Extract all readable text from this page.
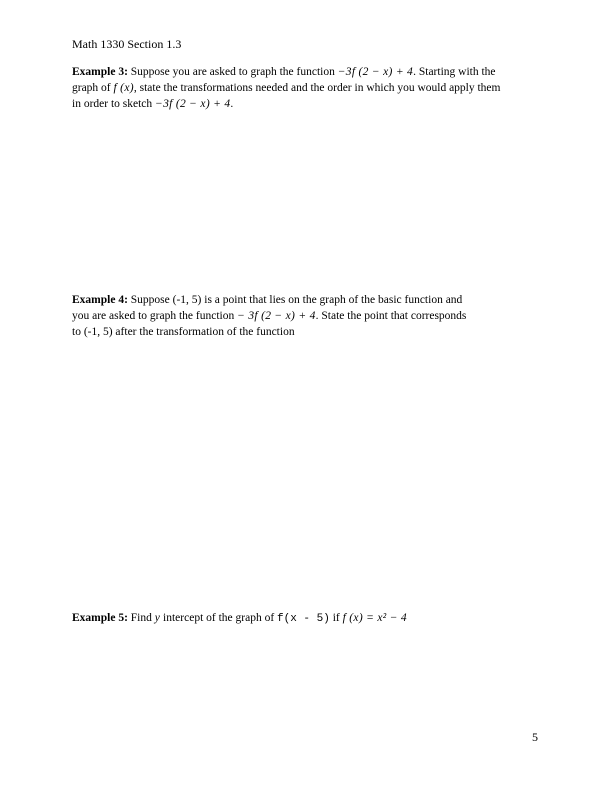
Math 1330 Section 1.3
Example 3: Suppose you are asked to graph the function −3f (2 − x) + 4. Starting with the
graph of f (x), state the transformations needed and the order in which you would apply them
in order to sketch −3f (2 − x) + 4.
Example 4: Suppose (-1, 5) is a point that lies on the graph of the basic function and
you are asked to graph the function − 3f (2 − x) + 4. State the point that corresponds
to (-1, 5) after the transformation of the function
Example 5: Find y intercept of the graph of f(x - 5) if f (x) = x² − 4
5
